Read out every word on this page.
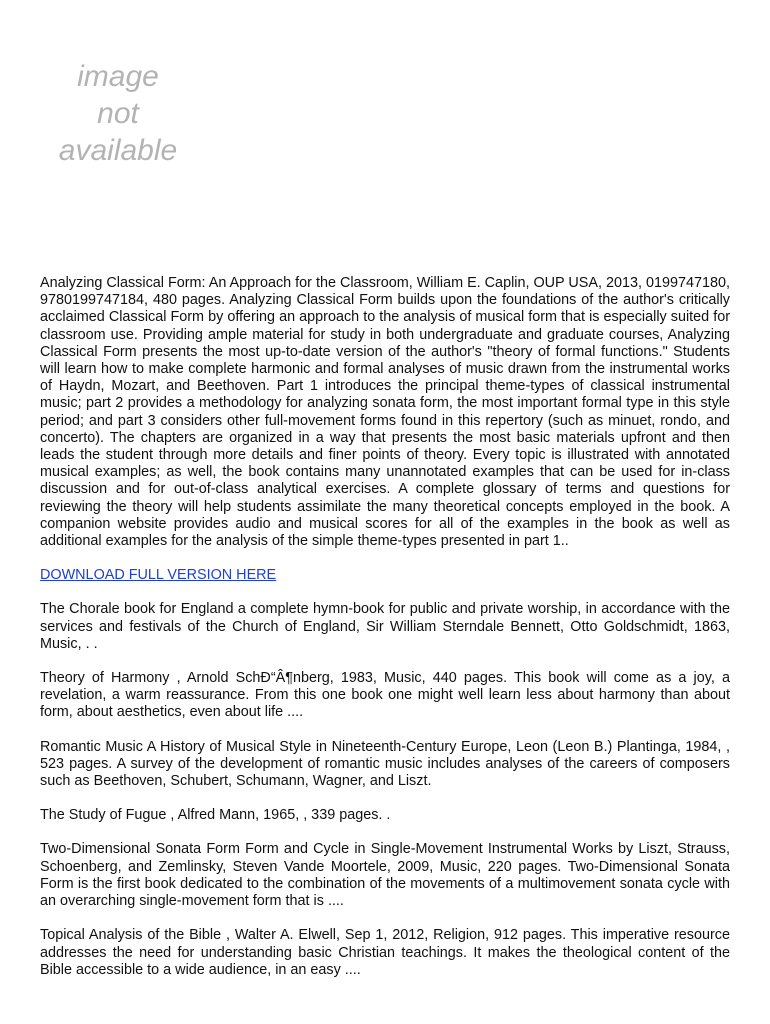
image
not
available

Analyzing Classical Form: An Approach for the Classroom, William E. Caplin, OUP USA, 2013, 0199747180, 9780199747184, 480 pages. Analyzing Classical Form builds upon the foundations of the author's critically acclaimed Classical Form by offering an approach to the analysis of musical form that is especially suited for classroom use. Providing ample material for study in both undergraduate and graduate courses, Analyzing Classical Form presents the most up-to-date version of the author's "theory of formal functions." Students will learn how to make complete harmonic and formal analyses of music drawn from the instrumental works of Haydn, Mozart, and Beethoven. Part 1 introduces the principal theme-types of classical instrumental music; part 2 provides a methodology for analyzing sonata form, the most important formal type in this style period; and part 3 considers other full-movement forms found in this repertory (such as minuet, rondo, and concerto). The chapters are organized in a way that presents the most basic materials upfront and then leads the student through more details and finer points of theory. Every topic is illustrated with annotated musical examples; as well, the book contains many unannotated examples that can be used for in-class discussion and for out-of-class analytical exercises. A complete glossary of terms and questions for reviewing the theory will help students assimilate the many theoretical concepts employed in the book. A companion website provides audio and musical scores for all of the examples in the book as well as additional examples for the analysis of the simple theme-types presented in part 1..

DOWNLOAD FULL VERSION HERE

The Chorale book for England a complete hymn-book for public and private worship, in accordance with the services and festivals of the Church of England, Sir William Sterndale Bennett, Otto Goldschmidt, 1863, Music, . .

Theory of Harmony , Arnold SchĐ“Â¶nberg, 1983, Music, 440 pages. This book will come as a joy, a revelation, a warm reassurance. From this one book one might well learn less about harmony than about form, about aesthetics, even about life ....

Romantic Music A History of Musical Style in Nineteenth-Century Europe, Leon (Leon B.) Plantinga, 1984, , 523 pages. A survey of the development of romantic music includes analyses of the careers of composers such as Beethoven, Schubert, Schumann, Wagner, and Liszt.

The Study of Fugue , Alfred Mann, 1965, , 339 pages. .

Two-Dimensional Sonata Form Form and Cycle in Single-Movement Instrumental Works by Liszt, Strauss, Schoenberg, and Zemlinsky, Steven Vande Moortele, 2009, Music, 220 pages. Two-Dimensional Sonata Form is the first book dedicated to the combination of the movements of a multimovement sonata cycle with an overarching single-movement form that is ....

Topical Analysis of the Bible , Walter A. Elwell, Sep 1, 2012, Religion, 912 pages. This imperative resource addresses the need for understanding basic Christian teachings. It makes the theological content of the Bible accessible to a wide audience, in an easy ....
